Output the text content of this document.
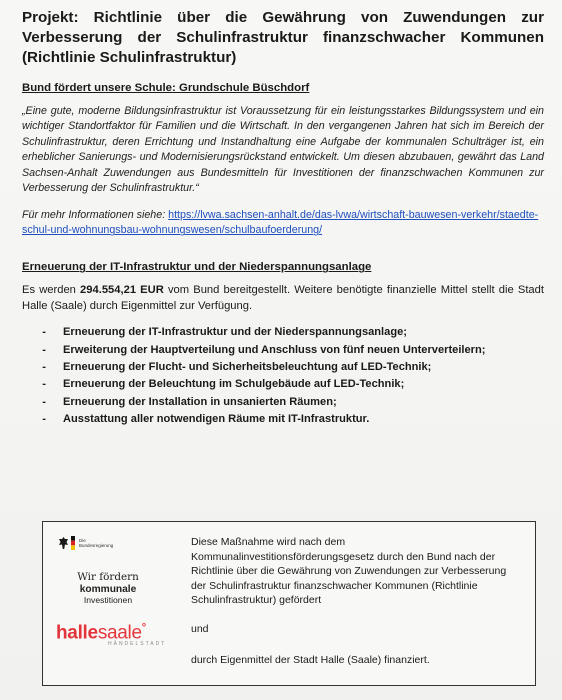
Projekt: Richtlinie über die Gewährung von Zuwendungen zur Verbesserung der Schulinfrastruktur finanzschwacher Kommunen (Richtlinie Schulinfrastruktur)

Bund fördert unsere Schule: Grundschule Büschdorf

„Eine gute, moderne Bildungsinfrastruktur ist Voraussetzung für ein leistungsstarkes Bildungssystem und ein wichtiger Standortfaktor für Familien und die Wirtschaft. In den vergangenen Jahren hat sich im Bereich der Schulinfrastruktur, deren Errichtung und Instandhaltung eine Aufgabe der kommunalen Schulträger ist, ein erheblicher Sanierungs- und Modernisierungsrückstand entwickelt. Um diesen abzubauen, gewährt das Land Sachsen-Anhalt Zuwendungen aus Bundesmitteln für Investitionen der finanzschwachen Kommunen zur Verbesserung der Schulinfrastruktur.“

Für mehr Informationen siehe: https://lvwa.sachsen-anhalt.de/das-lvwa/wirtschaft-bauwesen-verkehr/staedte-schul-und-wohnungsbau-wohnungswesen/schulbaufoerderung/

Erneuerung der IT-Infrastruktur und der Niederspannungsanlage

Es werden 294.554,21 EUR vom Bund bereitgestellt. Weitere benötigte finanzielle Mittel stellt die Stadt Halle (Saale) durch Eigenmittel zur Verfügung.

- Erneuerung der IT-Infrastruktur und der Niederspannungsanlage;
- Erweiterung der Hauptverteilung und Anschluss von fünf neuen Unterverteilern;
- Erneuerung der Flucht- und Sicherheitsbeleuchtung auf LED-Technik;
- Erneuerung der Beleuchtung im Schulgebäude auf LED-Technik;
- Erneuerung der Installation in unsanierten Räumen;
- Ausstattung aller notwendigen Räume mit IT-Infrastruktur.
Die
Bundesregierung
Wir fördern
kommunale
Investitionen
hallesaale°
HÄNDELSTADT

Diese Maßnahme wird nach dem Kommunalinvestitionsförderungsgesetz durch den Bund nach der Richtlinie über die Gewährung von Zuwendungen zur Verbesserung der Schulinfrastruktur finanzschwacher Kommunen (Richtlinie Schulinfrastruktur) gefördert

und

durch Eigenmittel der Stadt Halle (Saale) finanziert.
